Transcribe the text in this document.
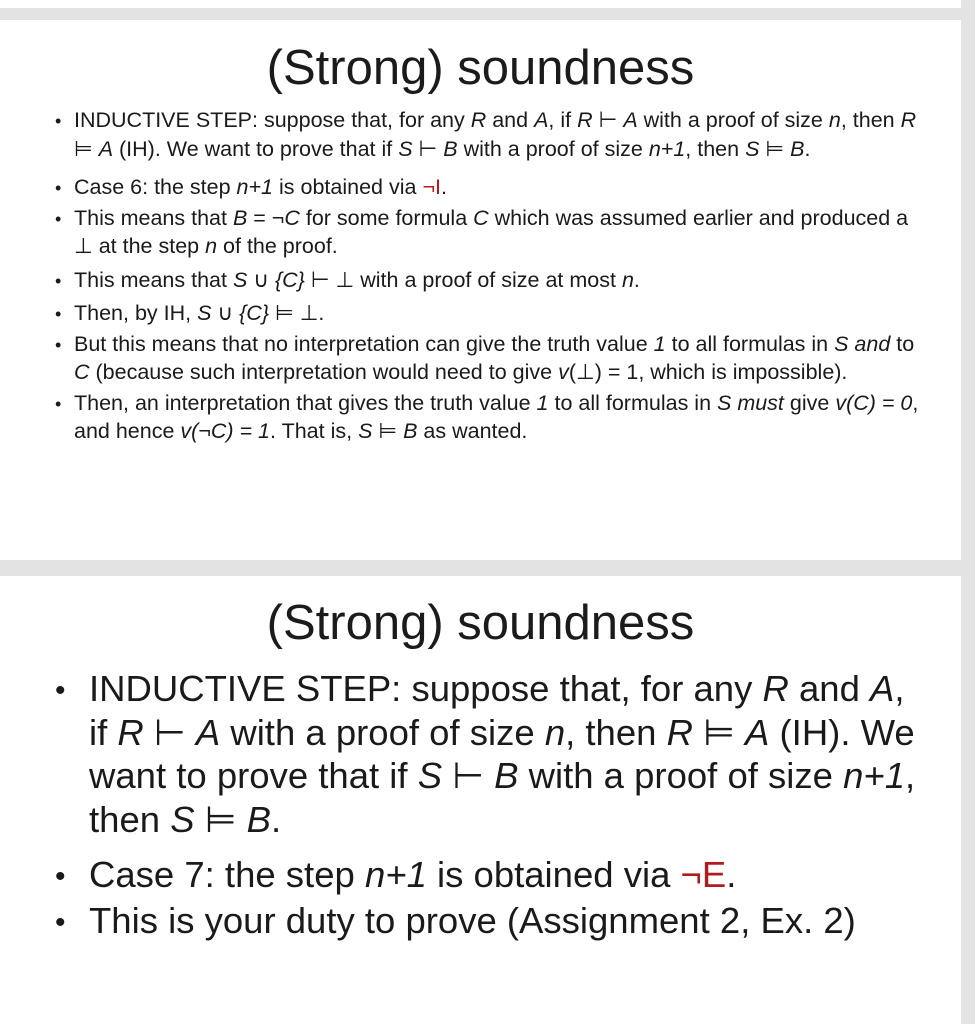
(Strong) soundness
• INDUCTIVE STEP: suppose that, for any R and A, if R ⊢ A with a proof of size n, then R ⊨ A (IH). We want to prove that if S ⊢ B with a proof of size n+1, then S ⊨ B.
• Case 6: the step n+1 is obtained via ¬I.
• This means that B = ¬C for some formula C which was assumed earlier and produced a ⊥ at the step n of the proof.
• This means that S ∪ {C} ⊢ ⊥ with a proof of size at most n.
• Then, by IH, S ∪ {C} ⊨ ⊥.
• But this means that no interpretation can give the truth value 1 to all formulas in S and to C (because such interpretation would need to give v(⊥) = 1, which is impossible).
• Then, an interpretation that gives the truth value 1 to all formulas in S must give v(C) = 0, and hence v(¬C) = 1. That is, S ⊨ B as wanted.
(Strong) soundness
• INDUCTIVE STEP: suppose that, for any R and A, if R ⊢ A with a proof of size n, then R ⊨ A (IH). We want to prove that if S ⊢ B with a proof of size n+1, then S ⊨ B.
• Case 7: the step n+1 is obtained via ¬E.
• This is your duty to prove (Assignment 2, Ex. 2)
